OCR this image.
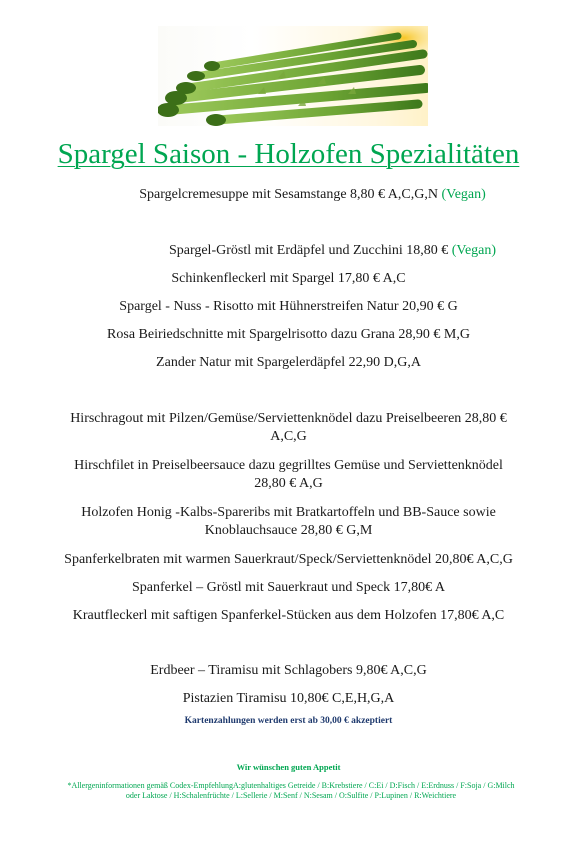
Spargel Saison - Holzofen Spezialitäten
Spargelcremesuppe mit Sesamstange 8,80 € A,C,G,N (Vegan)
Spargel-Gröstl mit Erdäpfel und Zucchini 18,80 € (Vegan)
Schinkenfleckerl mit Spargel 17,80 € A,C
Spargel - Nuss - Risotto mit Hühnerstreifen Natur 20,90 € G
Rosa Beiriedschnitte mit Spargelrisotto dazu Grana 28,90 € M,G
Zander Natur mit Spargelerdäpfel 22,90 D,G,A
Hirschragout mit Pilzen/Gemüse/Serviettenknödel dazu Preiselbeeren 28,80 €
A,C,G
Hirschfilet in Preiselbeersauce dazu gegrilltes Gemüse und Serviettenknödel
28,80 € A,G
Holzofen Honig -Kalbs-Spareribs mit Bratkartoffeln und BB-Sauce sowie
Knoblauchsauce 28,80 € G,M
Spanferkelbraten mit warmen Sauerkraut/Speck/Serviettenknödel 20,80€ A,C,G
Spanferkel – Gröstl mit Sauerkraut und Speck 17,80€ A
Krautfleckerl mit saftigen Spanferkel-Stücken aus dem Holzofen 17,80€ A,C
Erdbeer – Tiramisu mit Schlagobers 9,80€ A,C,G
Pistazien Tiramisu 10,80€ C,E,H,G,A
Kartenzahlungen werden erst ab 30,00 € akzeptiert
Wir wünschen guten Appetit
*Allergeninformationen gemäß Codex-EmpfehlungA:glutenhaltiges Getreide / B:Krebstiere / C:Ei / D:Fisch / E:Erdnuss / F:Soja / G:Milch
oder Laktose / H:Schalenfrüchte / L:Sellerie / M:Senf / N:Sesam / O:Sulfite / P:Lupinen / R:Weichtiere
